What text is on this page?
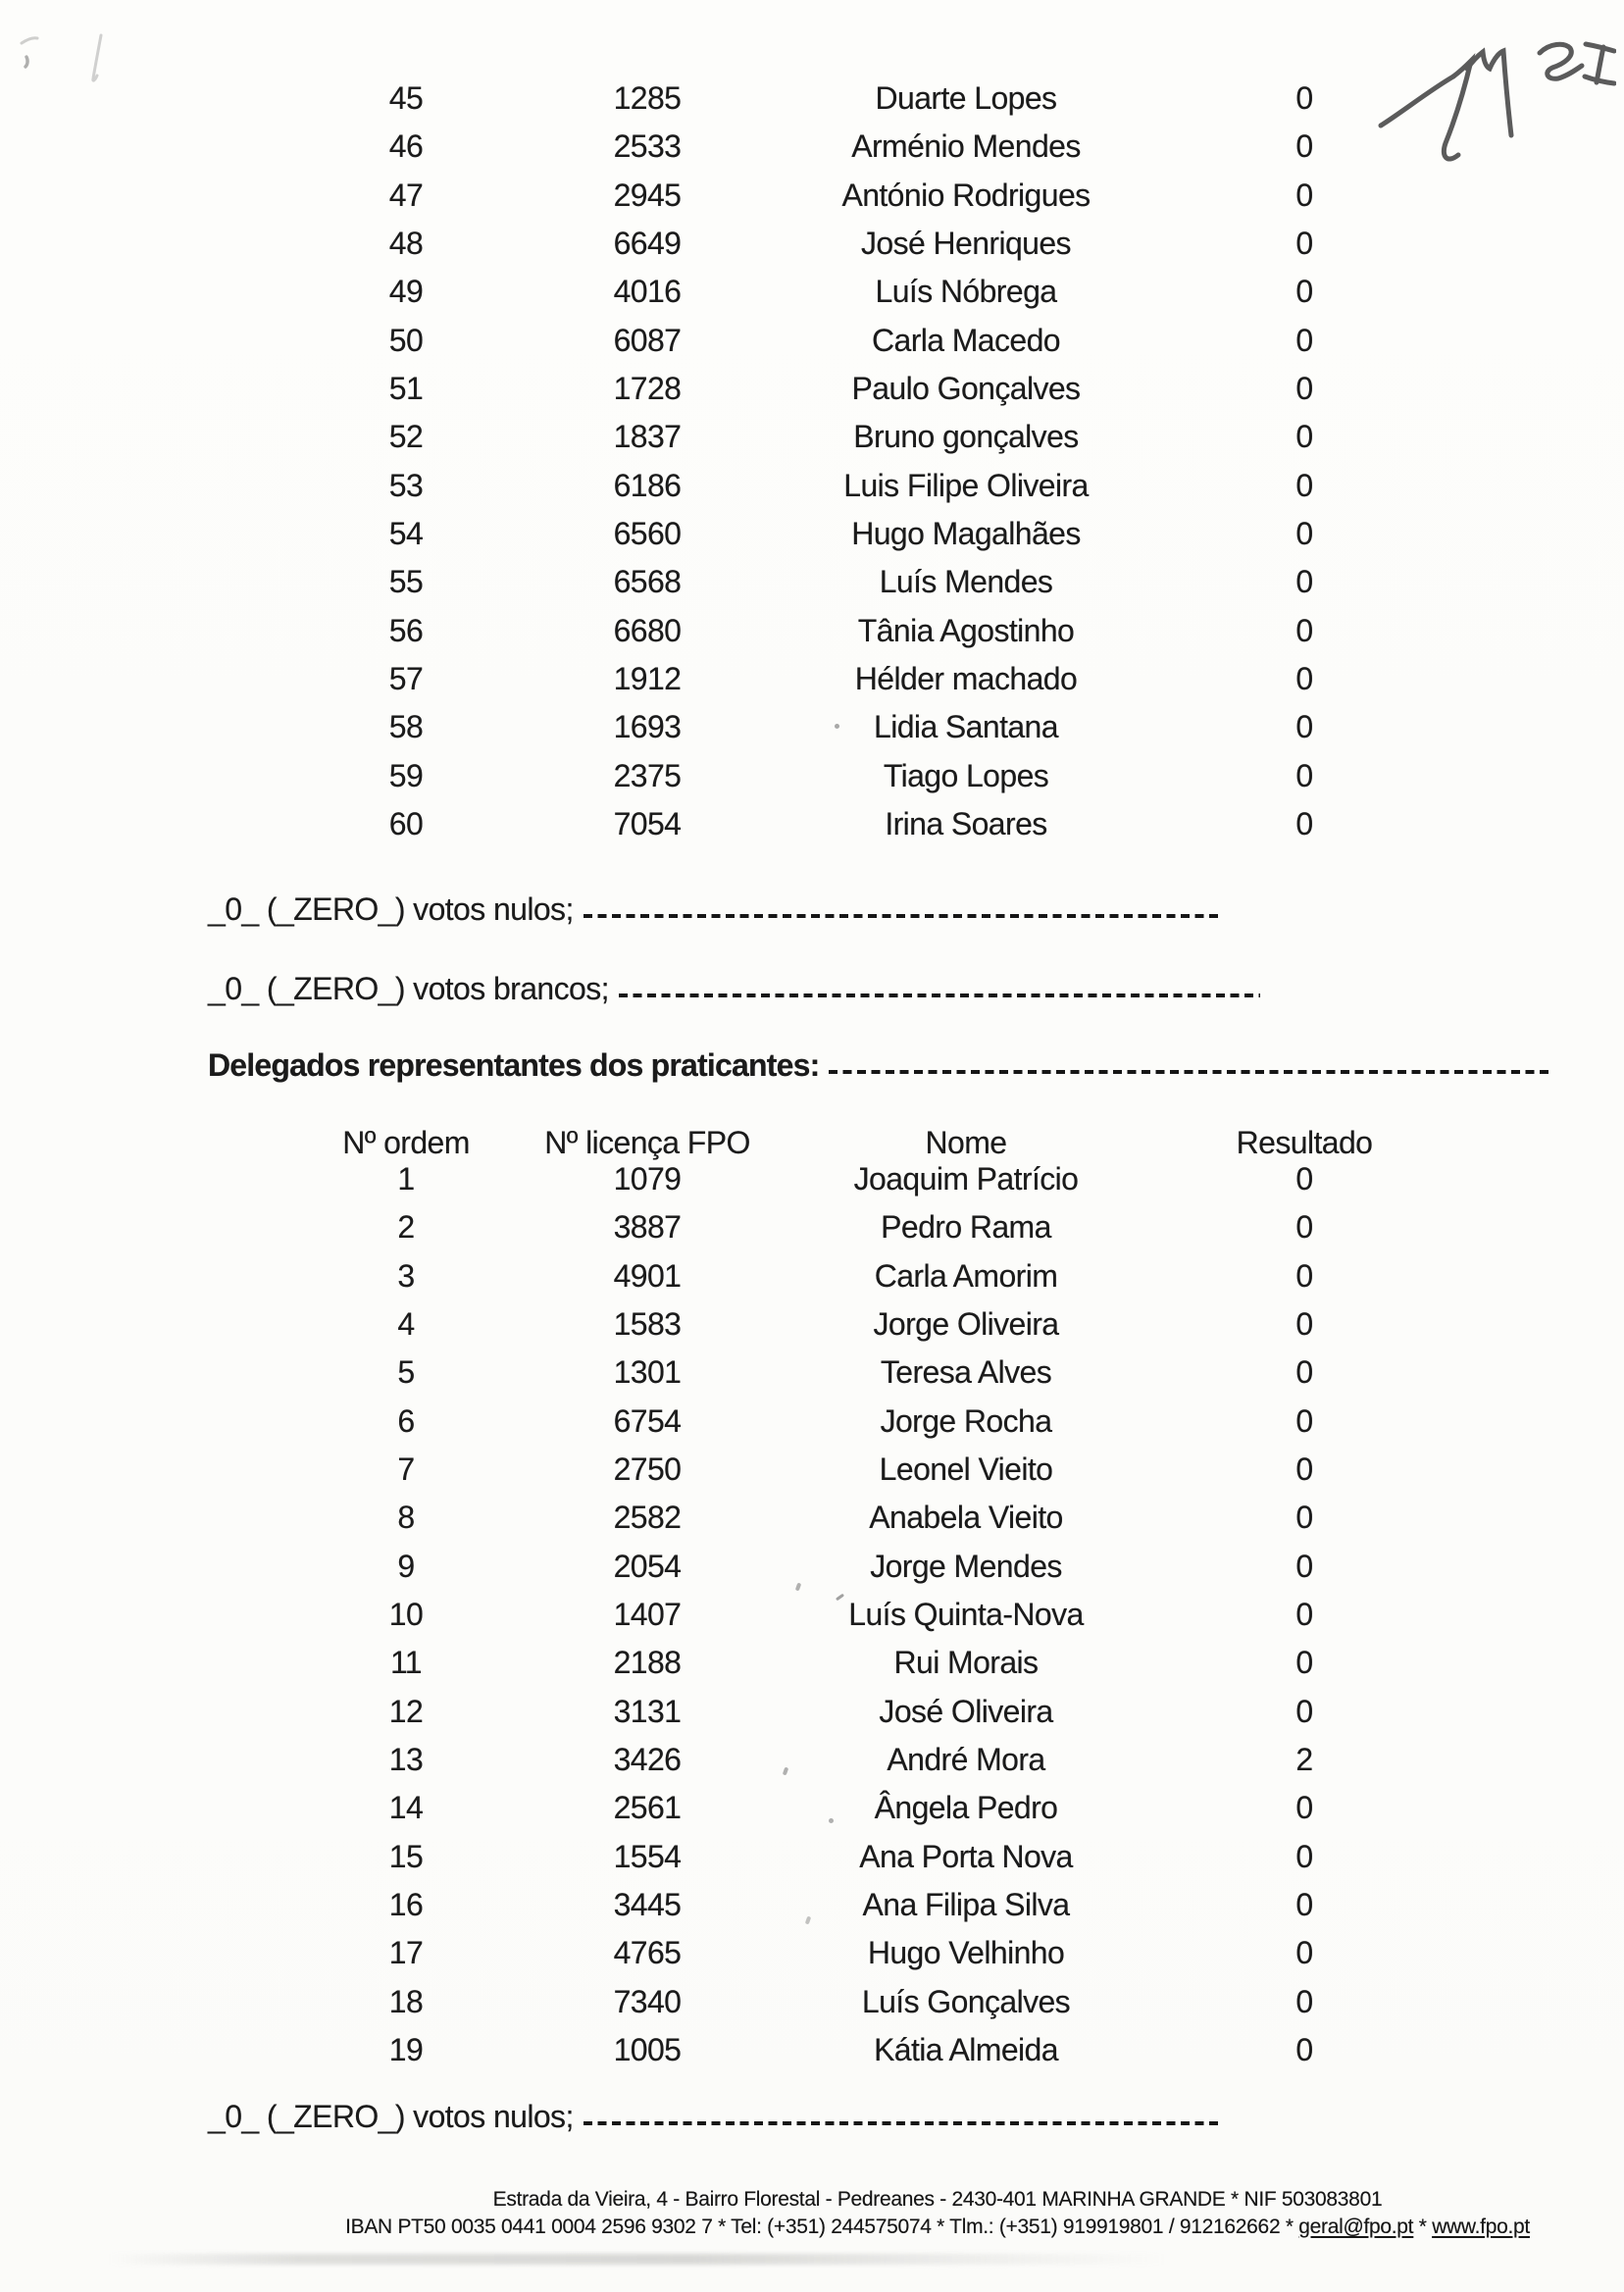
45	1285	Duarte Lopes	0
46	2533	Arménio Mendes	0
47	2945	António Rodrigues	0
48	6649	José Henriques	0
49	4016	Luís Nóbrega	0
50	6087	Carla Macedo	0
51	1728	Paulo Gonçalves	0
52	1837	Bruno gonçalves	0
53	6186	Luis Filipe Oliveira	0
54	6560	Hugo Magalhães	0
55	6568	Luís Mendes	0
56	6680	Tânia Agostinho	0
57	1912	Hélder machado	0
58	1693	Lidia Santana	0
59	2375	Tiago Lopes	0
60	7054	Irina Soares	0
_0_ (_ZERO_) votos nulos;
_0_ (_ZERO_) votos brancos;
Delegados representantes dos praticantes:
Nº ordem	Nº licença FPO	Nome	Resultado
1	1079	Joaquim Patrício	0
2	3887	Pedro Rama	0
3	4901	Carla Amorim	0
4	1583	Jorge Oliveira	0
5	1301	Teresa Alves	0
6	6754	Jorge Rocha	0
7	2750	Leonel Vieito	0
8	2582	Anabela Vieito	0
9	2054	Jorge Mendes	0
10	1407	Luís Quinta-Nova	0
11	2188	Rui Morais	0
12	3131	José Oliveira	0
13	3426	André Mora	2
14	2561	Ângela Pedro	0
15	1554	Ana Porta Nova	0
16	3445	Ana Filipa Silva	0
17	4765	Hugo Velhinho	0
18	7340	Luís Gonçalves	0
19	1005	Kátia Almeida	0
_0_ (_ZERO_) votos nulos;
Estrada da Vieira, 4 - Bairro Florestal - Pedreanes - 2430-401 MARINHA GRANDE * NIF 503083801
IBAN PT50 0035 0441 0004 2596 9302 7 * Tel: (+351) 244575074 * Tlm.: (+351) 919919801 / 912162662 * geral@fpo.pt * www.fpo.pt
